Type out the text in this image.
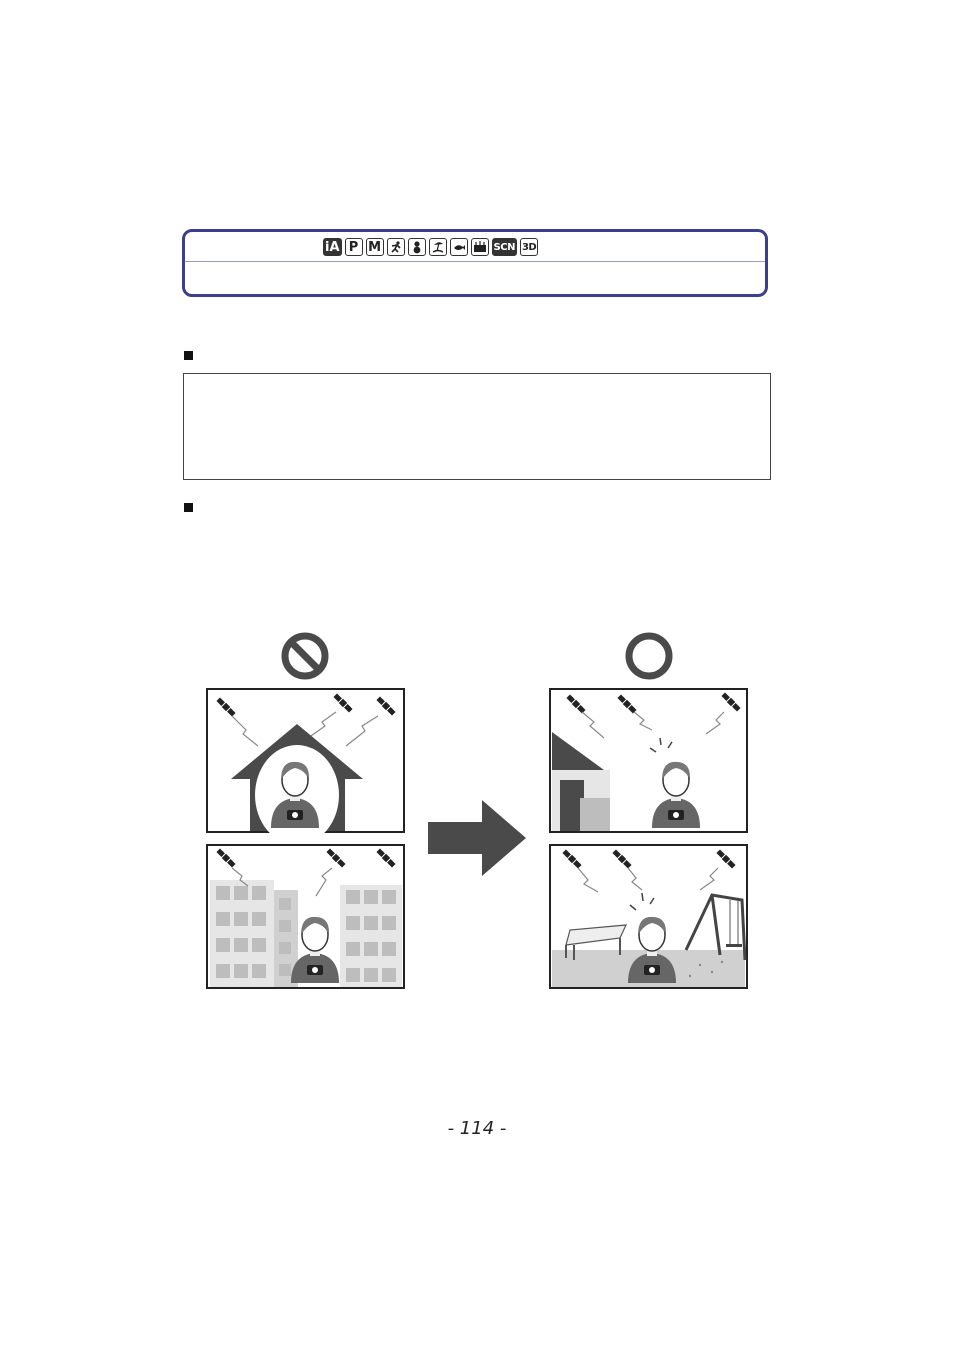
iA P M	SCN 3D
- 114 -
